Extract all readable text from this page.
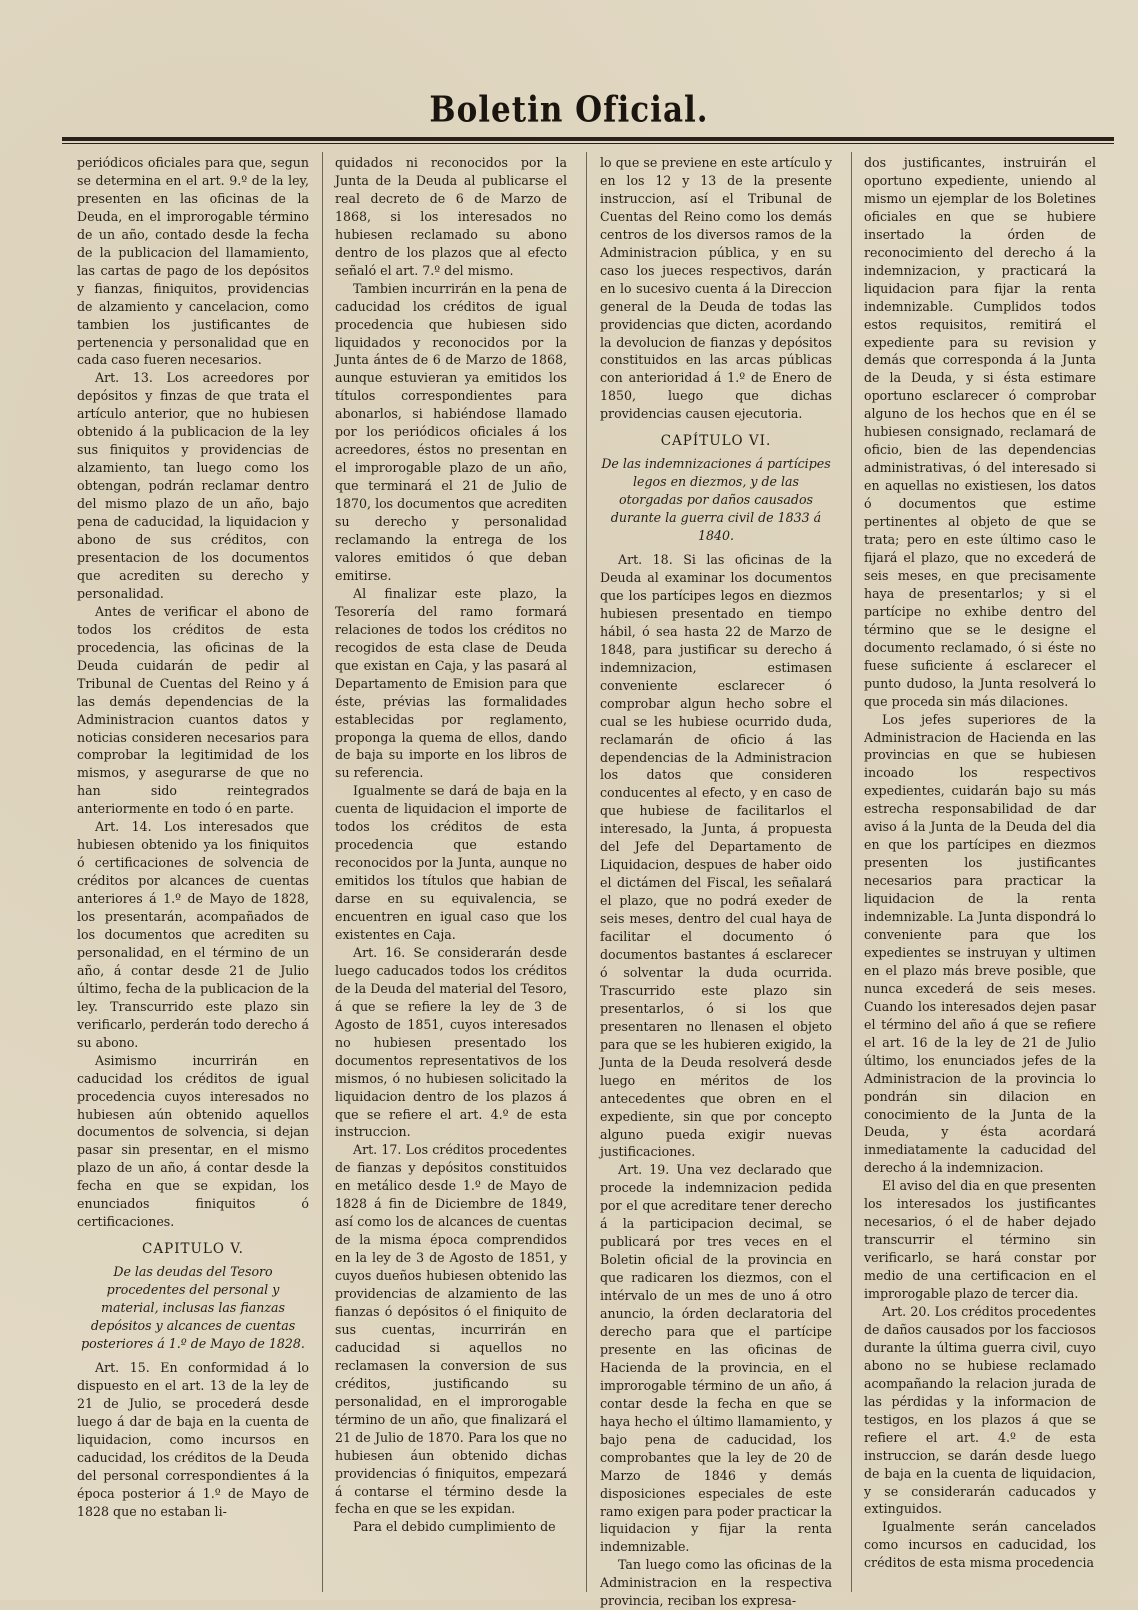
Boletin Oficial.

periódicos oficiales para que, segun se determina en el art. 9.º de la ley, presenten en las oficinas de la Deuda, en el improrogable término de un año, contado desde la fecha de la publicacion del llamamiento, las cartas de pago de los depósitos y fianzas, finiquitos, providencias de alzamiento y cancelacion, como tambien los justificantes de pertenencia y personalidad que en cada caso fueren necesarios.

Art. 13. Los acreedores por depósitos y finzas de que trata el artículo anterior, que no hubiesen obtenido á la publicacion de la ley sus finiquitos y providencias de alzamiento, tan luego como los obtengan, podrán reclamar dentro del mismo plazo de un año, bajo pena de caducidad, la liquidacion y abono de sus créditos, con presentacion de los documentos que acrediten su derecho y personalidad.

Antes de verificar el abono de todos los créditos de esta procedencia, las oficinas de la Deuda cuidarán de pedir al Tribunal de Cuentas del Reino y á las demás dependencias de la Administracion cuantos datos y noticias consideren necesarios para comprobar la legitimidad de los mismos, y asegurarse de que no han sido reintegrados anteriormente en todo ó en parte.

Art. 14. Los interesados que hubiesen obtenido ya los finiquitos ó certificaciones de solvencia de créditos por alcances de cuentas anteriores á 1.º de Mayo de 1828, los presentarán, acompañados de los documentos que acrediten su personalidad, en el término de un año, á contar desde 21 de Julio último, fecha de la publicacion de la ley. Transcurrido este plazo sin verificarlo, perderán todo derecho á su abono.

Asimismo incurrirán en caducidad los créditos de igual procedencia cuyos interesados no hubiesen aún obtenido aquellos documentos de solvencia, si dejan pasar sin presentar, en el mismo plazo de un año, á contar desde la fecha en que se expidan, los enunciados finiquitos ó certificaciones.

CAPITULO V.
De las deudas del Tesoro procedentes del personal y material, inclusas las fianzas depósitos y alcances de cuentas posteriores á 1.º de Mayo de 1828.

Art. 15. En conformidad á lo dispuesto en el art. 13 de la ley de 21 de Julio, se procederá desde luego á dar de baja en la cuenta de liquidacion, como incursos en caducidad, los créditos de la Deuda del personal correspondientes á la época posterior á 1.º de Mayo de 1828 que no estaban li-

quidados ni reconocidos por la Junta de la Deuda al publicarse el real decreto de 6 de Marzo de 1868, si los interesados no hubiesen reclamado su abono dentro de los plazos que al efecto señaló el art. 7.º del mismo.

Tambien incurrirán en la pena de caducidad los créditos de igual procedencia que hubiesen sido liquidados y reconocidos por la Junta ántes de 6 de Marzo de 1868, aunque estuvieran ya emitidos los títulos correspondientes para abonarlos, si habiéndose llamado por los periódicos oficiales á los acreedores, éstos no presentan en el improrogable plazo de un año, que terminará el 21 de Julio de 1870, los documentos que acrediten su derecho y personalidad reclamando la entrega de los valores emitidos ó que deban emitirse.

Al finalizar este plazo, la Tesorería del ramo formará relaciones de todos los créditos no recogidos de esta clase de Deuda que existan en Caja, y las pasará al Departamento de Emision para que éste, prévias las formalidades establecidas por reglamento, proponga la quema de ellos, dando de baja su importe en los libros de su referencia.

Igualmente se dará de baja en la cuenta de liquidacion el importe de todos los créditos de esta procedencia que estando reconocidos por la Junta, aunque no emitidos los títulos que habian de darse en su equivalencia, se encuentren en igual caso que los existentes en Caja.

Art. 16. Se considerarán desde luego caducados todos los créditos de la Deuda del material del Tesoro, á que se refiere la ley de 3 de Agosto de 1851, cuyos interesados no hubiesen presentado los documentos representativos de los mismos, ó no hubiesen solicitado la liquidacion dentro de los plazos á que se refiere el art. 4.º de esta instruccion.

Art. 17. Los créditos procedentes de fianzas y depósitos constituidos en metálico desde 1.º de Mayo de 1828 á fin de Diciembre de 1849, así como los de alcances de cuentas de la misma época comprendidos en la ley de 3 de Agosto de 1851, y cuyos dueños hubiesen obtenido las providencias de alzamiento de las fianzas ó depósitos ó el finiquito de sus cuentas, incurrirán en caducidad si aquellos no reclamasen la conversion de sus créditos, justificando su personalidad, en el improrogable término de un año, que finalizará el 21 de Julio de 1870. Para los que no hubiesen áun obtenido dichas providencias ó finiquitos, empezará á contarse el término desde la fecha en que se les expidan.

Para el debido cumplimiento de

lo que se previene en este artículo y en los 12 y 13 de la presente instruccion, así el Tribunal de Cuentas del Reino como los demás centros de los diversos ramos de la Administracion pública, y en su caso los jueces respectivos, darán en lo sucesivo cuenta á la Direccion general de la Deuda de todas las providencias que dicten, acordando la devolucion de fianzas y depósitos constituidos en las arcas públicas con anterioridad á 1.º de Enero de 1850, luego que dichas providencias causen ejecutoria.

CAPÍTULO VI.
De las indemnizaciones á partícipes legos en diezmos, y de las otorgadas por daños causados durante la guerra civil de 1833 á 1840.

Art. 18. Si las oficinas de la Deuda al examinar los documentos que los partícipes legos en diezmos hubiesen presentado en tiempo hábil, ó sea hasta 22 de Marzo de 1848, para justificar su derecho á indemnizacion, estimasen conveniente esclarecer ó comprobar algun hecho sobre el cual se les hubiese ocurrido duda, reclamarán de oficio á las dependencias de la Administracion los datos que consideren conducentes al efecto, y en caso de que hubiese de facilitarlos el interesado, la Junta, á propuesta del Jefe del Departamento de Liquidacion, despues de haber oido el dictámen del Fiscal, les señalará el plazo, que no podrá exeder de seis meses, dentro del cual haya de facilitar el documento ó documentos bastantes á esclarecer ó solventar la duda ocurrida. Trascurrido este plazo sin presentarlos, ó si los que presentaren no llenasen el objeto para que se les hubieren exigido, la Junta de la Deuda resolverá desde luego en méritos de los antecedentes que obren en el expediente, sin que por concepto alguno pueda exigir nuevas justificaciones.

Art. 19. Una vez declarado que procede la indemnizacion pedida por el que acreditare tener derecho á la participacion decimal, se publicará por tres veces en el Boletin oficial de la provincia en que radicaren los diezmos, con el intérvalo de un mes de uno á otro anuncio, la órden declaratoria del derecho para que el partícipe presente en las oficinas de Hacienda de la provincia, en el improrogable término de un año, á contar desde la fecha en que se haya hecho el último llamamiento, y bajo pena de caducidad, los comprobantes que la ley de 20 de Marzo de 1846 y demás disposiciones especiales de este ramo exigen para poder practicar la liquidacion y fijar la renta indemnizable.

Tan luego como las oficinas de la Administracion en la respectiva provincia, reciban los expresa-

dos justificantes, instruirán el oportuno expediente, uniendo al mismo un ejemplar de los Boletines oficiales en que se hubiere insertado la órden de reconocimiento del derecho á la indemnizacion, y practicará la liquidacion para fijar la renta indemnizable. Cumplidos todos estos requisitos, remitirá el expediente para su revision y demás que corresponda á la Junta de la Deuda, y si ésta estimare oportuno esclarecer ó comprobar alguno de los hechos que en él se hubiesen consignado, reclamará de oficio, bien de las dependencias administrativas, ó del interesado si en aquellas no existiesen, los datos ó documentos que estime pertinentes al objeto de que se trata; pero en este último caso le fijará el plazo, que no excederá de seis meses, en que precisamente haya de presentarlos; y si el partícipe no exhibe dentro del término que se le designe el documento reclamado, ó si éste no fuese suficiente á esclarecer el punto dudoso, la Junta resolverá lo que proceda sin más dilaciones.

Los jefes superiores de la Administracion de Hacienda en las provincias en que se hubiesen incoado los respectivos expedientes, cuidarán bajo su más estrecha responsabilidad de dar aviso á la Junta de la Deuda del dia en que los partícipes en diezmos presenten los justificantes necesarios para practicar la liquidacion de la renta indemnizable. La Junta dispondrá lo conveniente para que los expedientes se instruyan y ultimen en el plazo más breve posible, que nunca excederá de seis meses. Cuando los interesados dejen pasar el término del año á que se refiere el art. 16 de la ley de 21 de Julio último, los enunciados jefes de la Administracion de la provincia lo pondrán sin dilacion en conocimiento de la Junta de la Deuda, y ésta acordará inmediatamente la caducidad del derecho á la indemnizacion.

El aviso del dia en que presenten los interesados los justificantes necesarios, ó el de haber dejado transcurrir el término sin verificarlo, se hará constar por medio de una certificacion en el improrogable plazo de tercer dia.

Art. 20. Los créditos procedentes de daños causados por los facciosos durante la última guerra civil, cuyo abono no se hubiese reclamado acompañando la relacion jurada de las pérdidas y la informacion de testigos, en los plazos á que se refiere el art. 4.º de esta instruccion, se darán desde luego de baja en la cuenta de liquidacion, y se considerarán caducados y extinguidos.

Igualmente serán cancelados como incursos en caducidad, los créditos de esta misma procedencia
